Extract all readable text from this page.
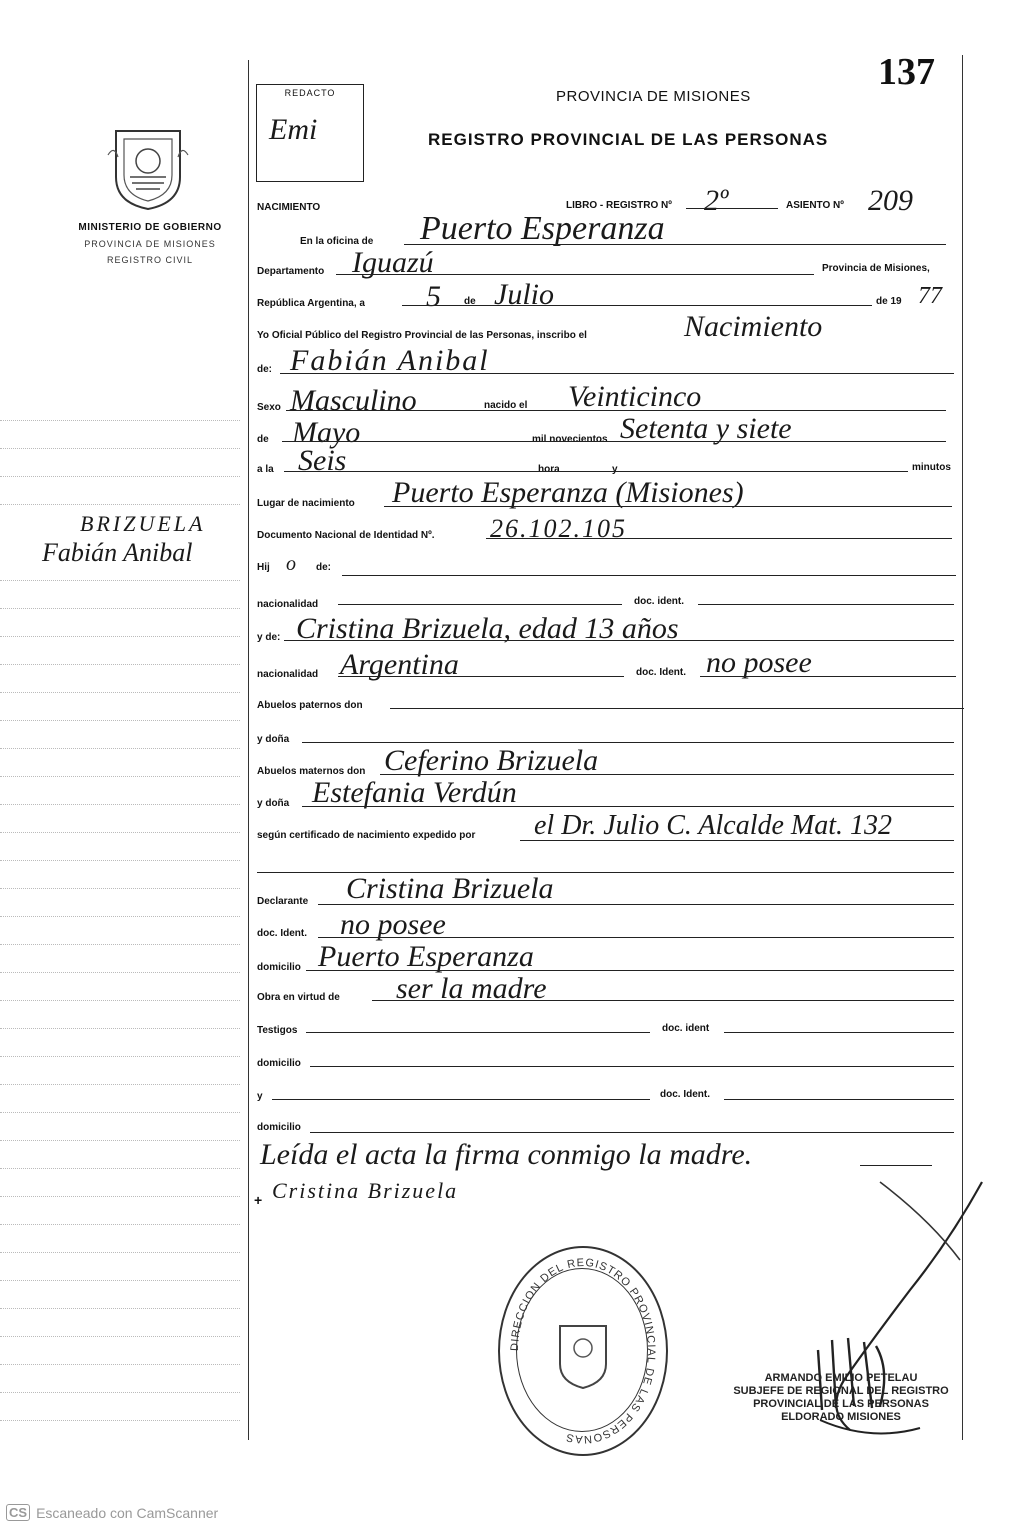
137
MINISTERIO DE GOBIERNO
PROVINCIA DE MISIONES
REGISTRO CIVIL
BRIZUELA
Fabián Anibal
REDACTO
Emi
PROVINCIA DE MISIONES
REGISTRO PROVINCIAL DE LAS PERSONAS
NACIMIENTO	LIBRO - REGISTRO Nº 2º	ASIENTO Nº 209
En la oficina de Puerto Esperanza
Departamento Iguazú	Provincia de Misiones,
República Argentina, a 5 de Julio	de 19 77
Yo Oficial Público del Registro Provincial de las Personas, inscribo el	Nacimiento
de: Fabián Anibal
Sexo Masculino	nacido el Veinticinco
de Mayo	mil novecientos Setenta y siete
a la Seis	hora	y	minutos
Lugar de nacimiento Puerto Esperanza (Misiones)
Documento Nacional de Identidad Nº. 26.102.105
Hij o de:
nacionalidad	doc. ident.
y de: Cristina Brizuela, edad 13 años
nacionalidad Argentina	doc. Ident. no posee
Abuelos paternos don
y doña
Abuelos maternos don Ceferino Brizuela
y doña Estefania Verdún
según certificado de nacimiento expedido por el Dr. Julio C. Alcalde Mat. 132
Declarante Cristina Brizuela
doc. Ident. no posee
domicilio Puerto Esperanza
Obra en virtud de ser la madre
Testigos	doc. ident
domicilio
y	doc. Ident.
domicilio
Leída el acta la firma conmigo la madre.
+ Cristina Brizuela
DIRECCION DEL REGISTRO PROVINCIAL DE LAS PERSONAS
ARMANDO EMILIO PETELAU
SUBJEFE DE REGIONAL DEL REGISTRO
PROVINCIAL DE LAS PERSONAS
ELDORADO MISIONES
CS Escaneado con CamScanner
